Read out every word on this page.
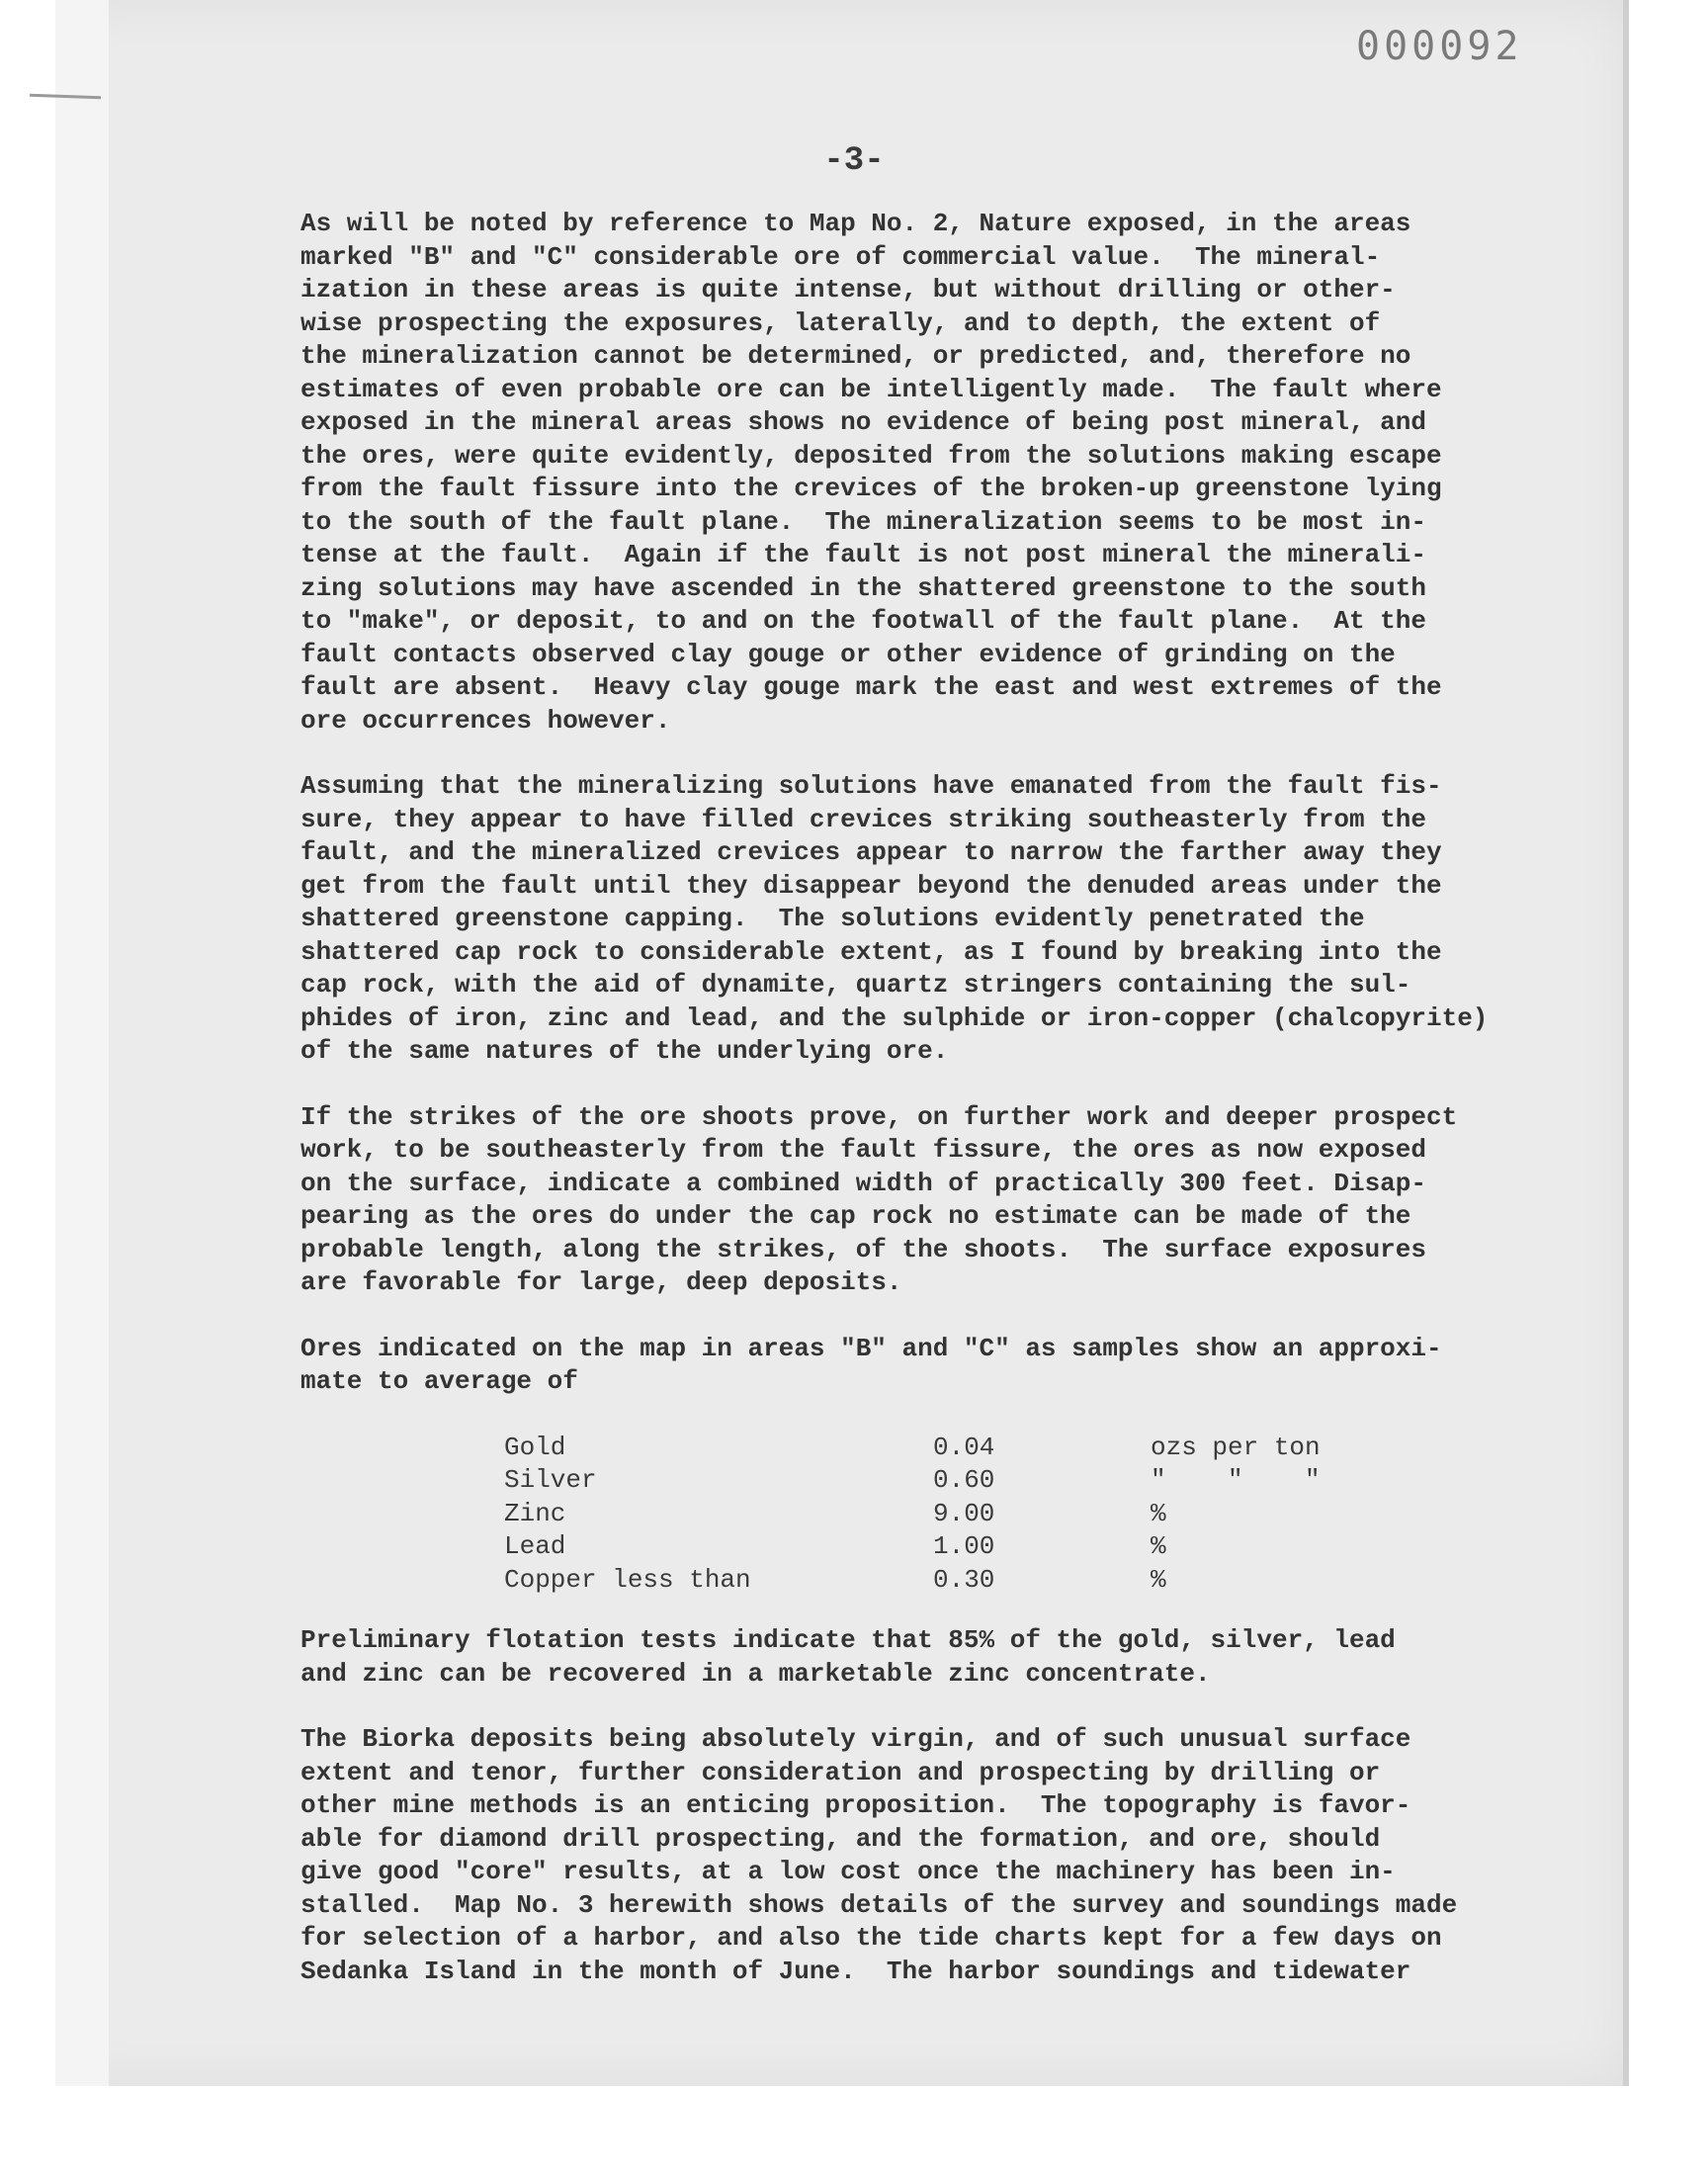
000092

-3-

As will be noted by reference to Map No. 2, Nature exposed, in the areas
marked "B" and "C" considerable ore of commercial value.  The mineral-
ization in these areas is quite intense, but without drilling or other-
wise prospecting the exposures, laterally, and to depth, the extent of
the mineralization cannot be determined, or predicted, and, therefore no
estimates of even probable ore can be intelligently made.  The fault where
exposed in the mineral areas shows no evidence of being post mineral, and
the ores, were quite evidently, deposited from the solutions making escape
from the fault fissure into the crevices of the broken-up greenstone lying
to the south of the fault plane.  The mineralization seems to be most in-
tense at the fault.  Again if the fault is not post mineral the minerali-
zing solutions may have ascended in the shattered greenstone to the south
to "make", or deposit, to and on the footwall of the fault plane.  At the
fault contacts observed clay gouge or other evidence of grinding on the
fault are absent.  Heavy clay gouge mark the east and west extremes of the
ore occurrences however.

Assuming that the mineralizing solutions have emanated from the fault fis-
sure, they appear to have filled crevices striking southeasterly from the
fault, and the mineralized crevices appear to narrow the farther away they
get from the fault until they disappear beyond the denuded areas under the
shattered greenstone capping.  The solutions evidently penetrated the
shattered cap rock to considerable extent, as I found by breaking into the
cap rock, with the aid of dynamite, quartz stringers containing the sul-
phides of iron, zinc and lead, and the sulphide or iron-copper (chalcopyrite)
of the same natures of the underlying ore.

If the strikes of the ore shoots prove, on further work and deeper prospect
work, to be southeasterly from the fault fissure, the ores as now exposed
on the surface, indicate a combined width of practically 300 feet. Disap-
pearing as the ores do under the cap rock no estimate can be made of the
probable length, along the strikes, of the shoots.  The surface exposures
are favorable for large, deep deposits.

Ores indicated on the map in areas "B" and "C" as samples show an approxi-
mate to average of

Gold	0.04	ozs per ton
Silver	0.60	"    "    "
Zinc	9.00	%
Lead	1.00	%
Copper less than	0.30	%

Preliminary flotation tests indicate that 85% of the gold, silver, lead
and zinc can be recovered in a marketable zinc concentrate.

The Biorka deposits being absolutely virgin, and of such unusual surface
extent and tenor, further consideration and prospecting by drilling or
other mine methods is an enticing proposition.  The topography is favor-
able for diamond drill prospecting, and the formation, and ore, should
give good "core" results, at a low cost once the machinery has been in-
stalled.  Map No. 3 herewith shows details of the survey and soundings made
for selection of a harbor, and also the tide charts kept for a few days on
Sedanka Island in the month of June.  The harbor soundings and tidewater
